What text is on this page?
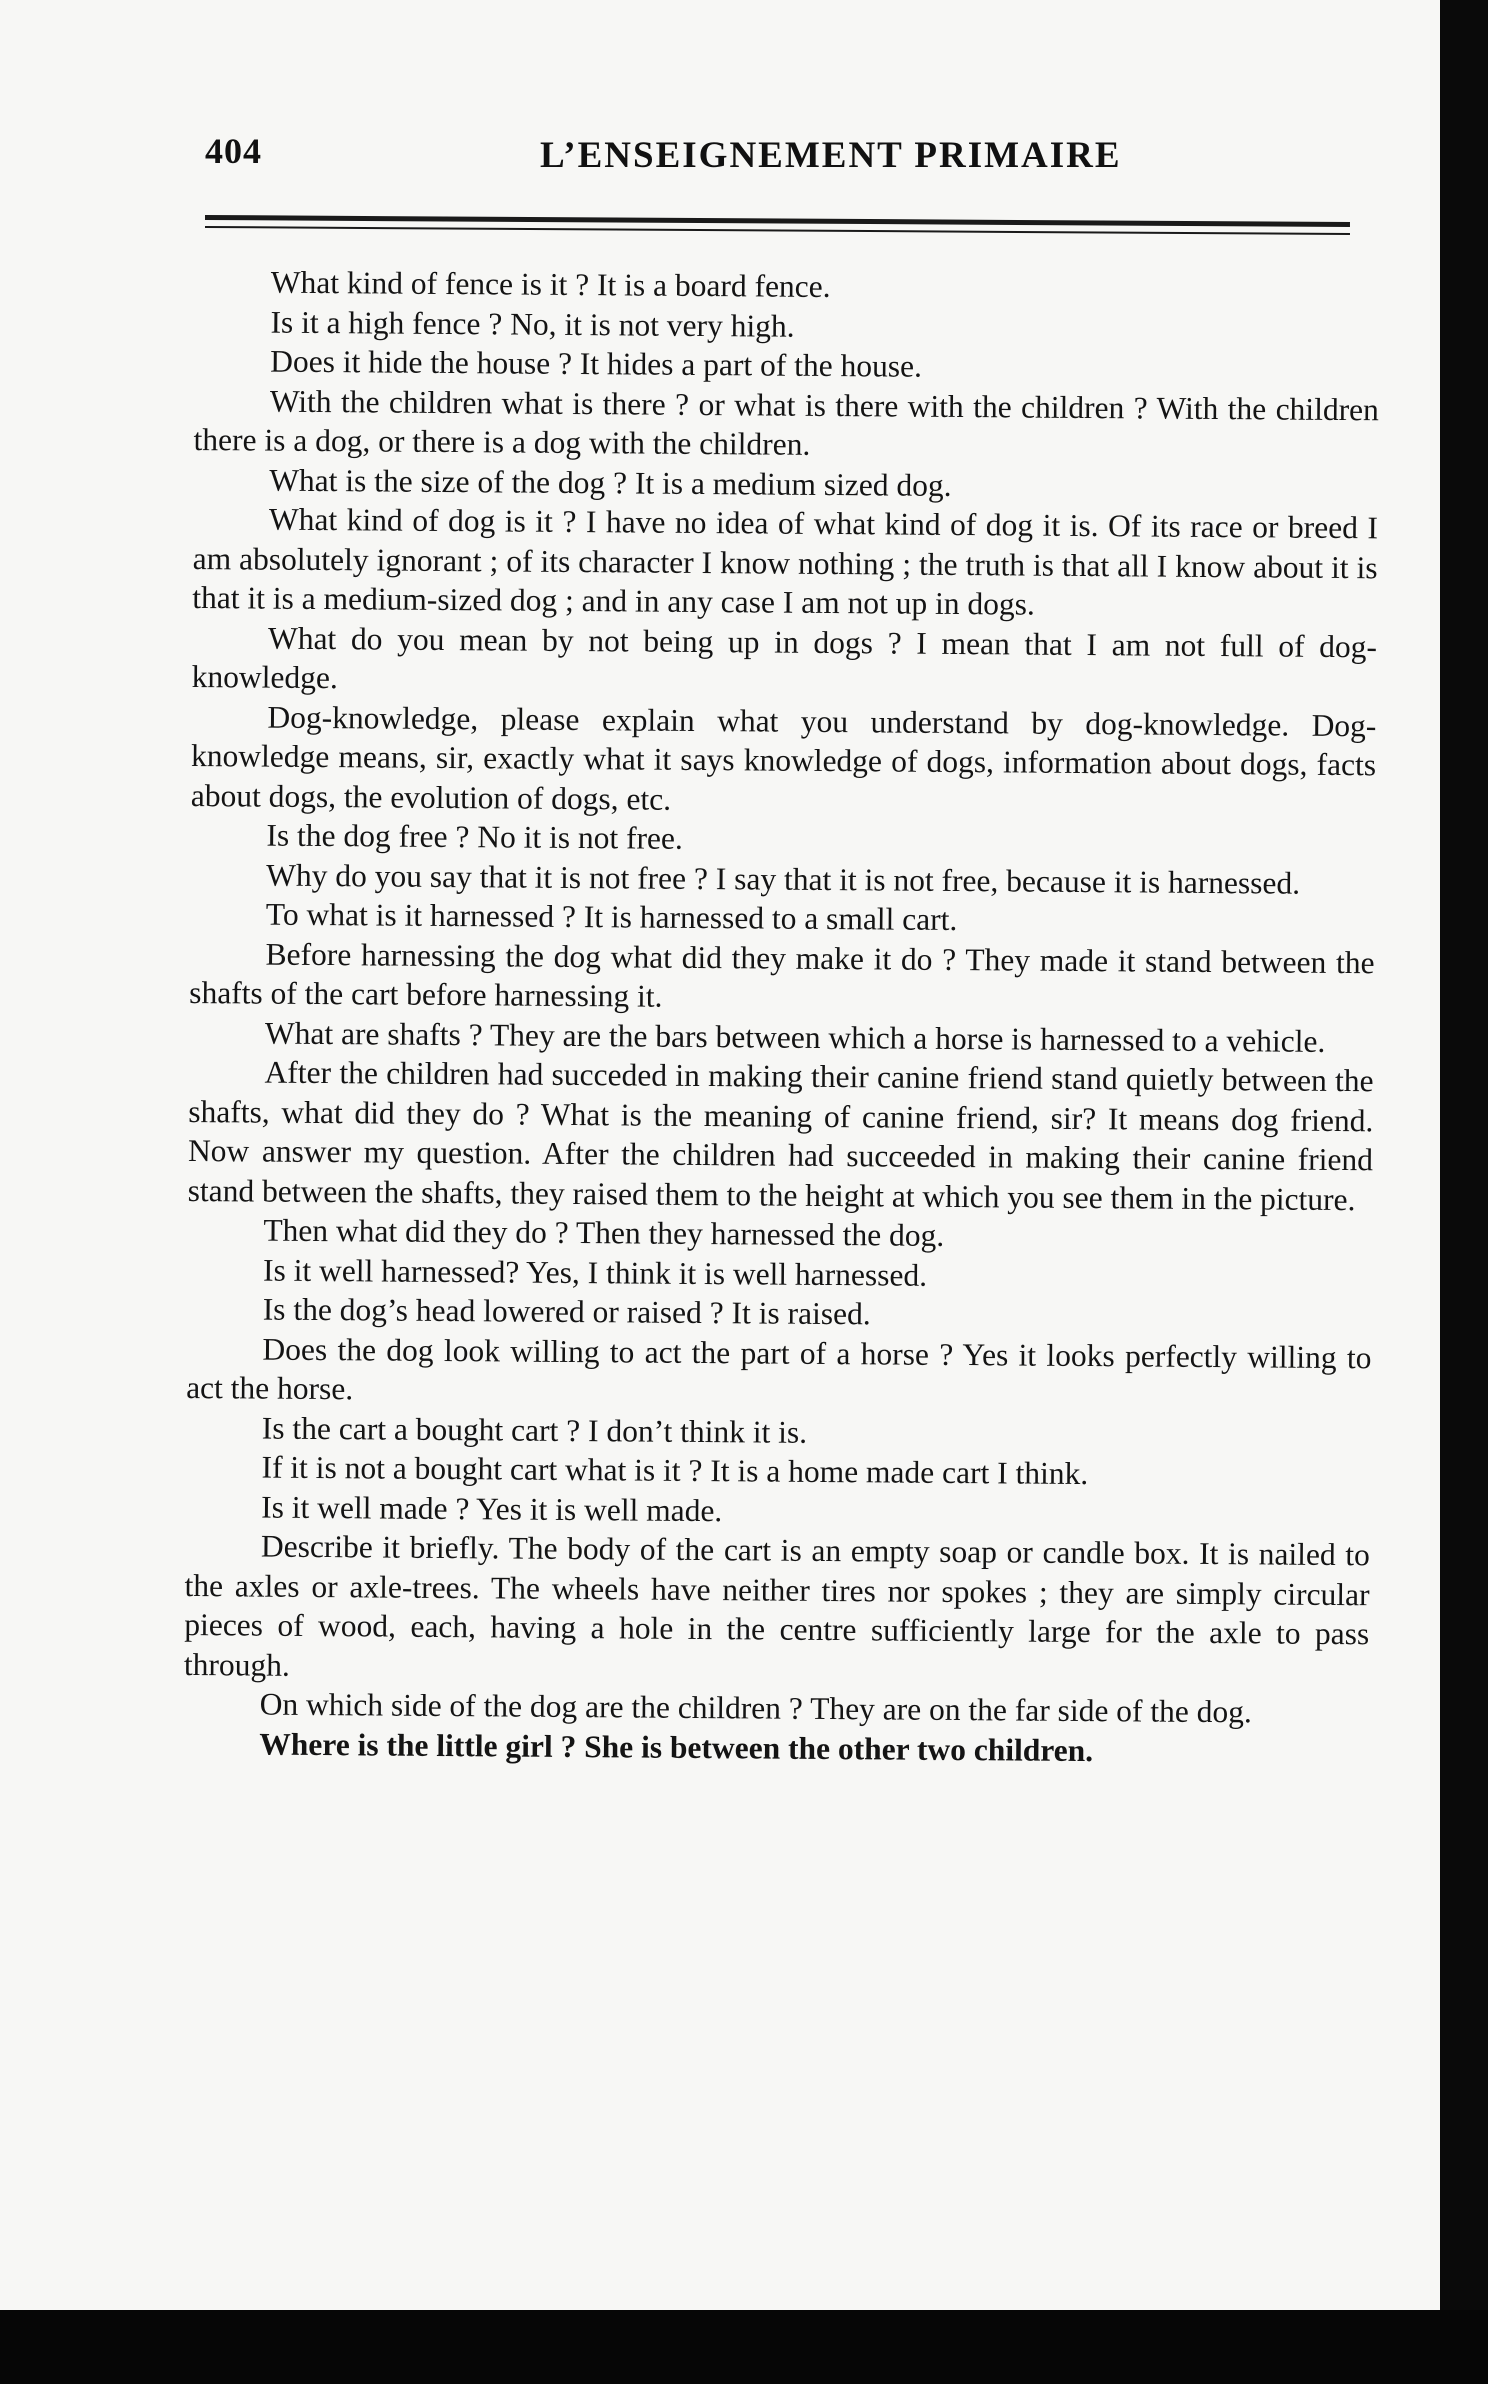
404	L’ENSEIGNEMENT PRIMAIRE

What kind of fence is it ? It is a board fence.

Is it a high fence ? No, it is not very high.

Does it hide the house ? It hides a part of the house.

With the children what is there ? or what is there with the children ? With the children there is a dog, or there is a dog with the children.

What is the size of the dog ? It is a medium sized dog.

What kind of dog is it ? I have no idea of what kind of dog it is. Of its race or breed I am absolutely ignorant ; of its character I know nothing ; the truth is that all I know about it is that it is a medium-sized dog ; and in any case I am not up in dogs.

What do you mean by not being up in dogs ? I mean that I am not full of dog-knowledge.

Dog-knowledge, please explain what you understand by dog-knowledge. Dog-knowledge means, sir, exactly what it says knowledge of dogs, information about dogs, facts about dogs, the evolution of dogs, etc.

Is the dog free ? No it is not free.

Why do you say that it is not free ? I say that it is not free, because it is harnessed.

To what is it harnessed ? It is harnessed to a small cart.

Before harnessing the dog what did they make it do ? They made it stand between the shafts of the cart before harnessing it.

What are shafts ? They are the bars between which a horse is harnessed to a vehicle.

After the children had succeded in making their canine friend stand quietly between the shafts, what did they do ? What is the meaning of canine friend, sir? It means dog friend. Now answer my question. After the children had succeeded in making their canine friend stand between the shafts, they raised them to the height at which you see them in the picture.

Then what did they do ? Then they harnessed the dog.

Is it well harnessed? Yes, I think it is well harnessed.

Is the dog’s head lowered or raised ? It is raised.

Does the dog look willing to act the part of a horse ? Yes it looks perfectly willing to act the horse.

Is the cart a bought cart ? I don’t think it is.

If it is not a bought cart what is it ? It is a home made cart I think.

Is it well made ? Yes it is well made.

Describe it briefly. The body of the cart is an empty soap or candle box. It is nailed to the axles or axle-trees. The wheels have neither tires nor spokes ; they are simply circular pieces of wood, each, having a hole in the centre sufficiently large for the axle to pass through.

On which side of the dog are the children ? They are on the far side of the dog.

Where is the little girl ? She is between the other two children.
